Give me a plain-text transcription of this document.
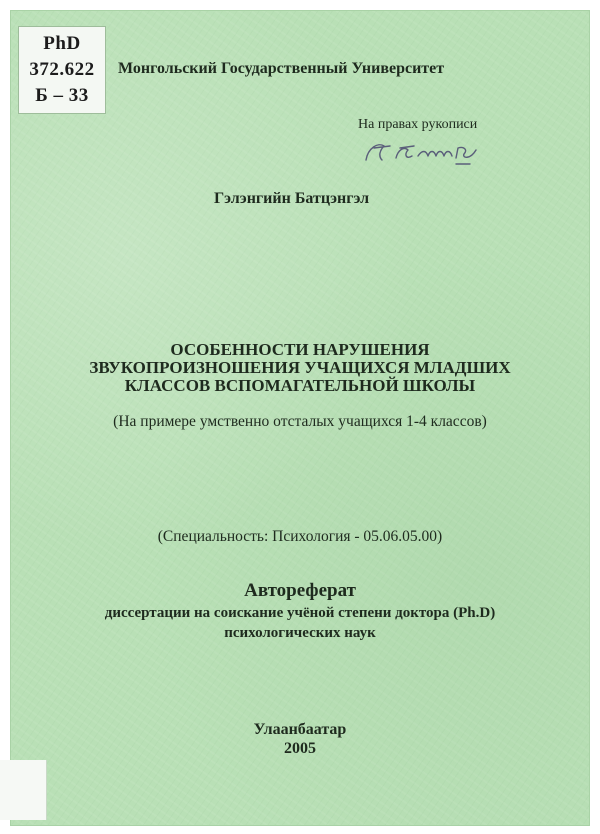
PhD
372.622
Б – 33
Монгольский Государственный Университет
На правах рукописи
Гэлэнгийн Батцэнгэл
ОСОБЕННОСТИ НАРУШЕНИЯ
ЗВУКОПРОИЗНОШЕНИЯ УЧАЩИХСЯ МЛАДШИХ
КЛАССОВ ВСПОМАГАТЕЛЬНОЙ ШКОЛЫ
(На примере умственно отсталых учащихся 1-4 классов)
(Специальность: Психология - 05.06.05.00)
Автореферат
диссертации на соискание учёной степени доктора (Ph.D)
психологических наук
Улаанбаатар
2005
